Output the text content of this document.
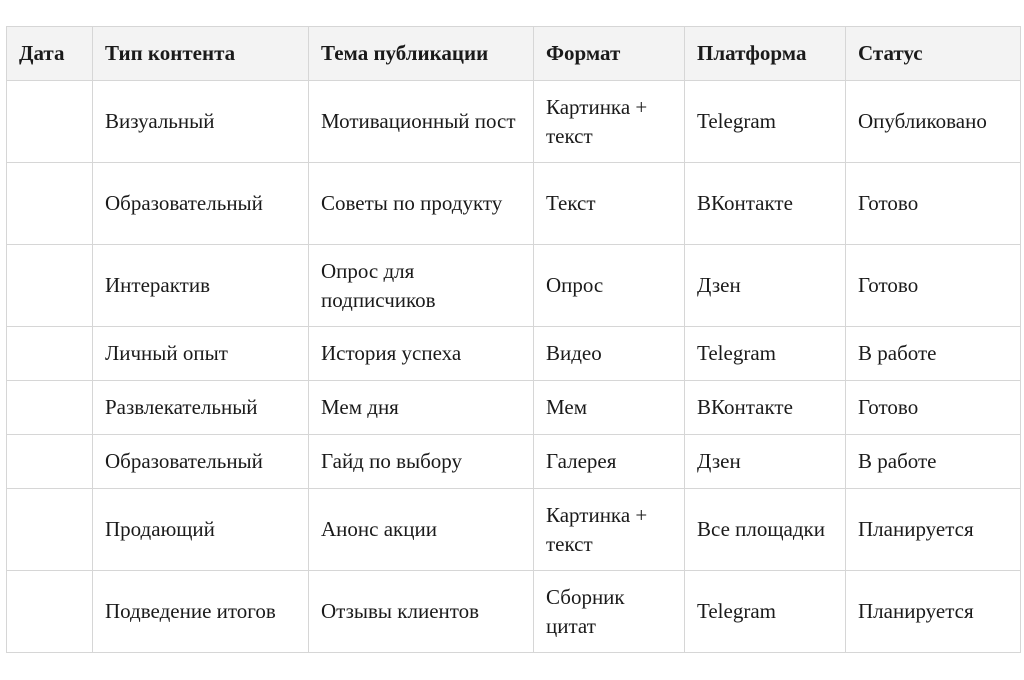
Дата	Тип контента	Тема публикации	Формат	Платформа	Статус
	Визуальный	Мотивационный пост	Картинка + текст	Telegram	Опубликовано
	Образовательный	Советы по продукту	Текст	ВКонтакте	Готово
	Интерактив	Опрос для подписчиков	Опрос	Дзен	Готово
	Личный опыт	История успеха	Видео	Telegram	В работе
	Развлекательный	Мем дня	Мем	ВКонтакте	Готово
	Образовательный	Гайд по выбору	Галерея	Дзен	В работе
	Продающий	Анонс акции	Картинка + текст	Все площадки	Планируется
	Подведение итогов	Отзывы клиентов	Сборник цитат	Telegram	Планируется
